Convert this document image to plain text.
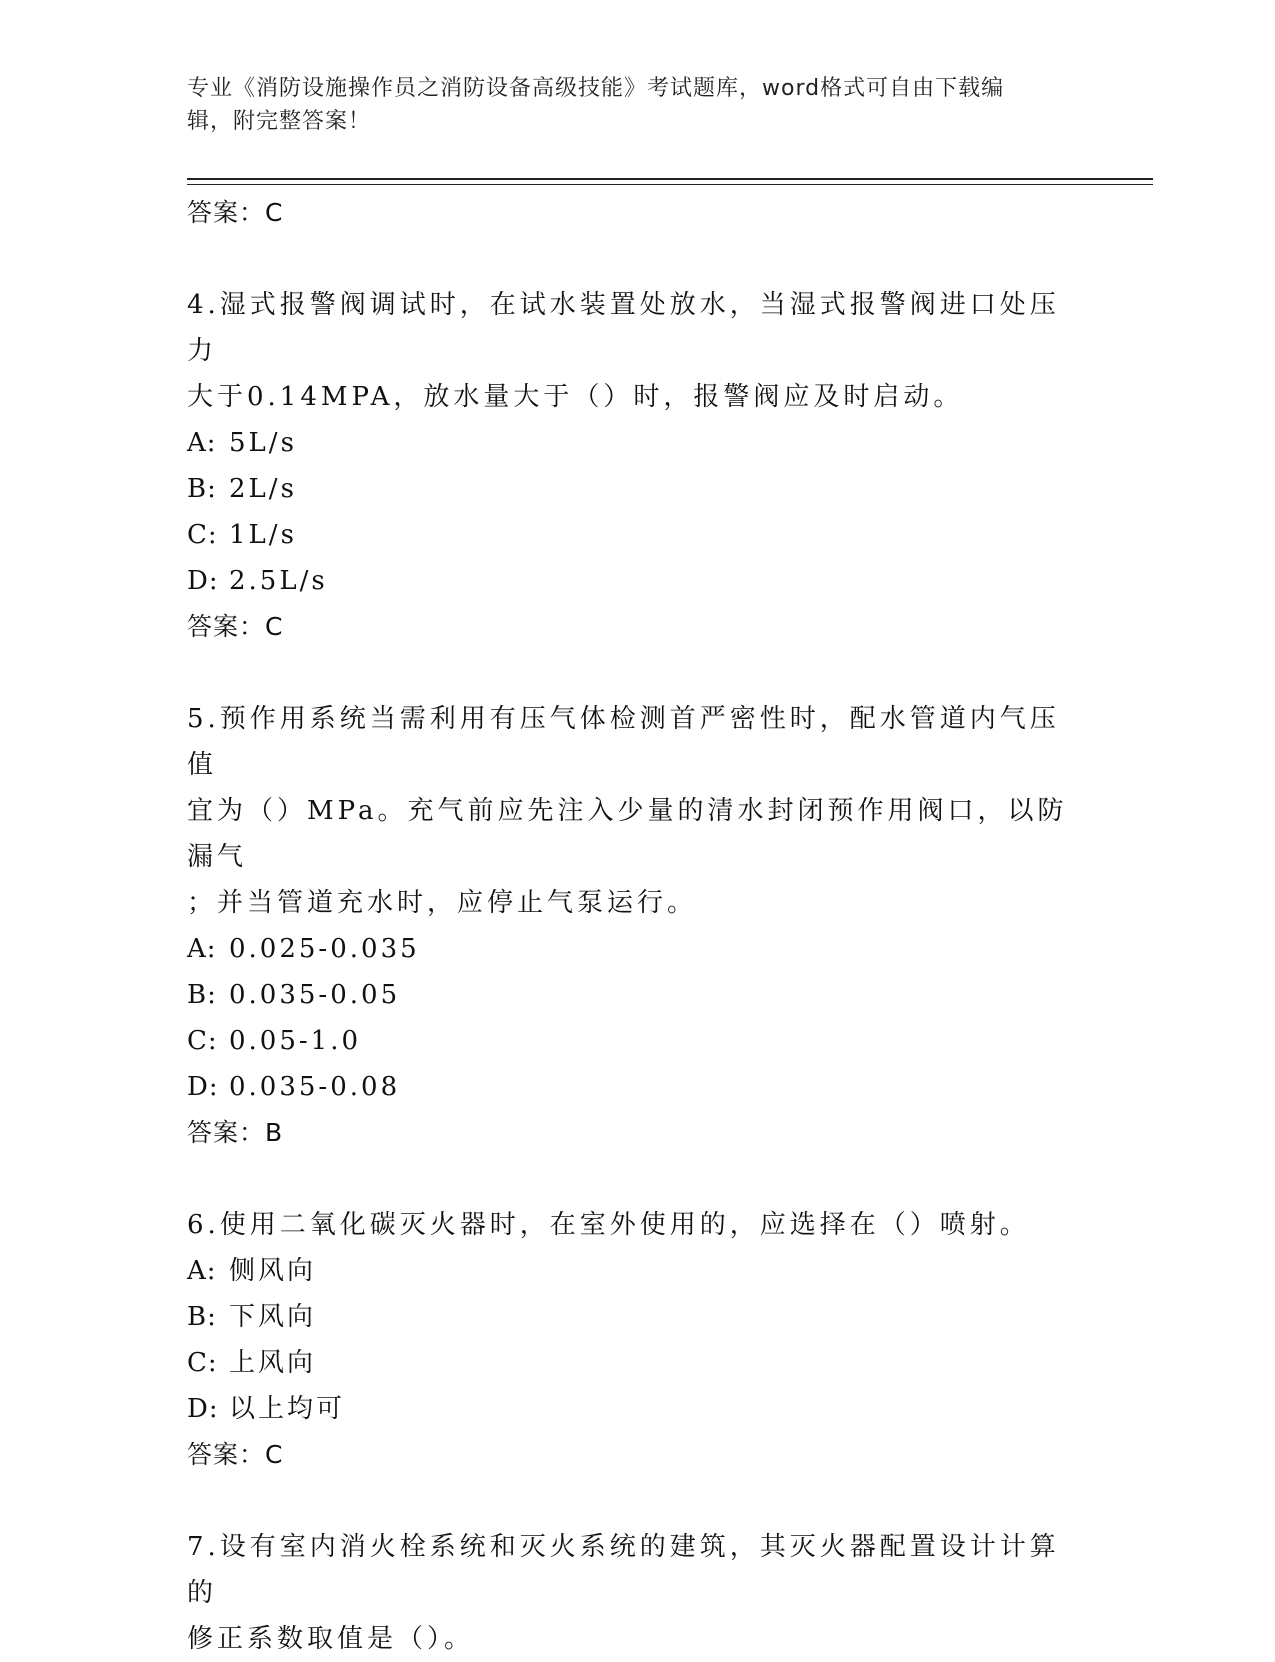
专业《消防设施操作员之消防设备高级技能》考试题库，word格式可自由下载编
辑，附完整答案！
答案：C
4.湿式报警阀调试时，在试水装置处放水，当湿式报警阀进口处压力
大于0.14MPA，放水量大于（）时，报警阀应及时启动。
A: 5L/s
B: 2L/s
C: 1L/s
D: 2.5L/s
答案：C
5.预作用系统当需利用有压气体检测首严密性时，配水管道内气压值
宜为（）MPa。充气前应先注入少量的清水封闭预作用阀口，以防漏气
；并当管道充水时，应停止气泵运行。
A: 0.025-0.035
B: 0.035-0.05
C: 0.05-1.0
D: 0.035-0.08
答案：B
6.使用二氧化碳灭火器时，在室外使用的，应选择在（）喷射。
A: 侧风向
B: 下风向
C: 上风向
D: 以上均可
答案：C
7.设有室内消火栓系统和灭火系统的建筑，其灭火器配置设计计算的
修正系数取值是（）。
